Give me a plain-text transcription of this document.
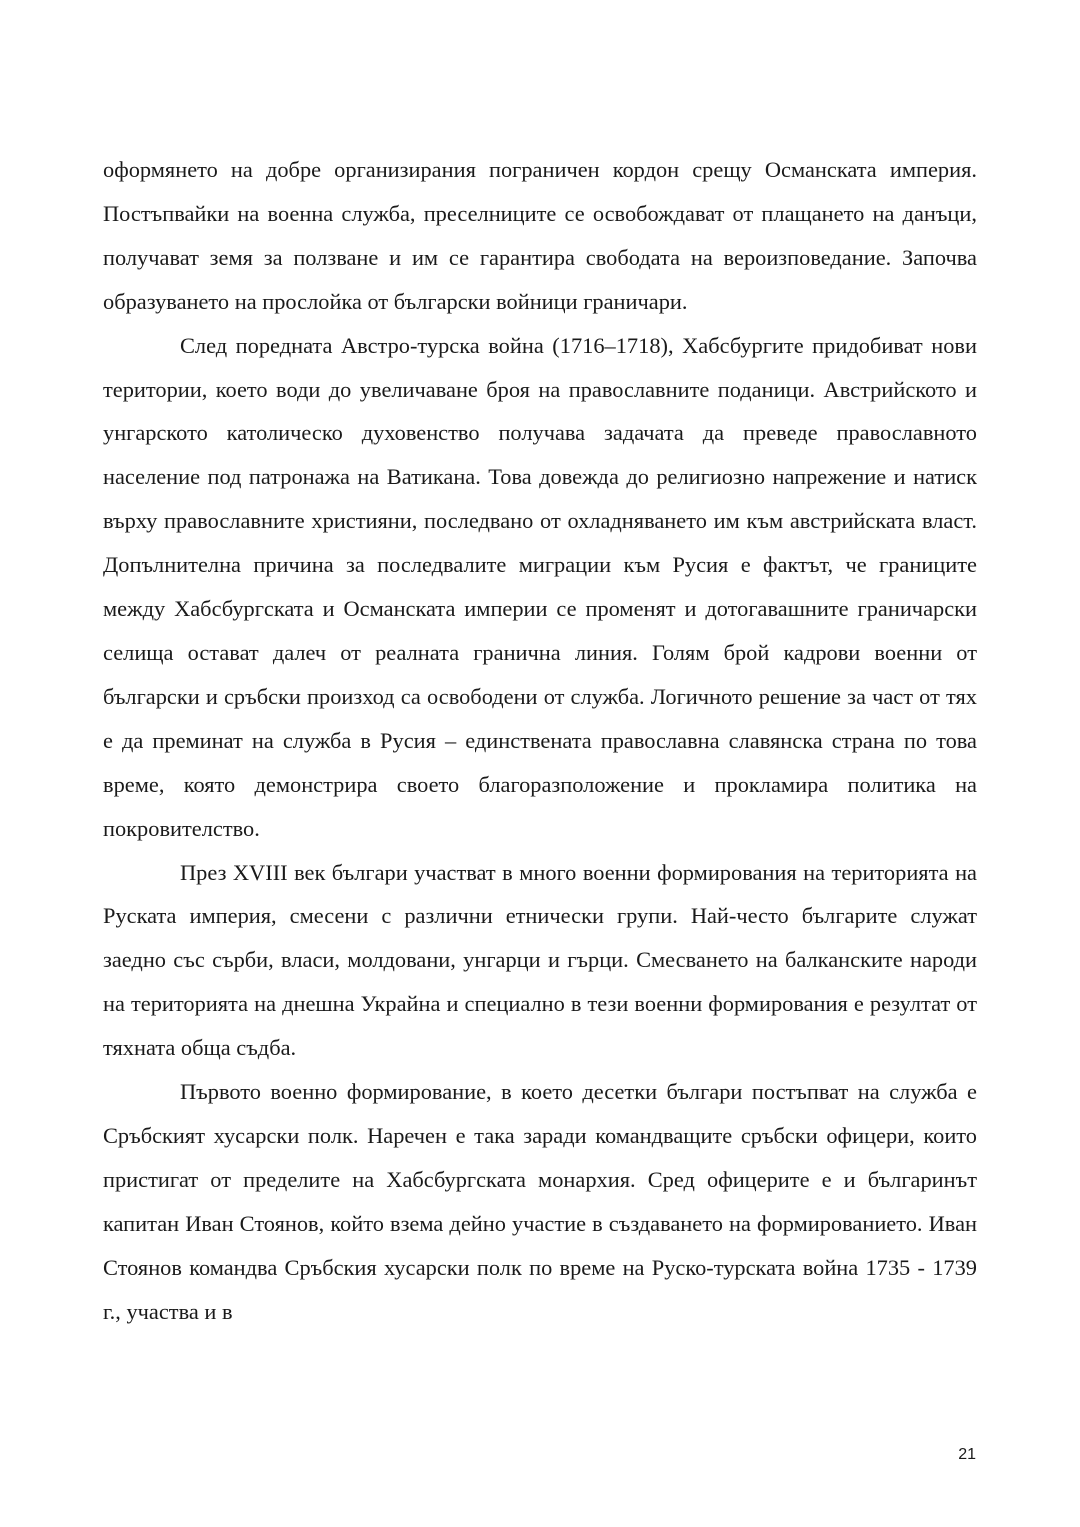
оформянето на добре организирания пограничен кордон срещу Османската империя. Постъпвайки на военна служба, преселниците се освобождават от плащането на данъци, получават земя за ползване и им се гарантира свободата на вероизповедание. Започва образуването на прослойка от български войници граничари.

След поредната Австро-турска война (1716–1718), Хабсбургите придобиват нови територии, което води до увеличаване броя на православните поданици. Австрийското и унгарското католическо духовенство получава задачата да преведе православното население под патронажа на Ватикана. Това довежда до религиозно напрежение и натиск върху православните християни, последвано от охладняването им към австрийската власт. Допълнителна причина за последвалите миграции към Русия е фактът, че границите между Хабсбургската и Османската империи се променят и дотогавашните граничарски селища остават далеч от реалната гранична линия. Голям брой кадрови военни от български и сръбски произход са освободени от служба. Логичното решение за част от тях е да преминат на служба в Русия – единствената православна славянска страна по това време, която демонстрира своето благоразположение и прокламира политика на покровителство.

През XVIII век българи участват в много военни формирования на територията на Руската империя, смесени с различни етнически групи. Най-често българите служат заедно със сърби, власи, молдовани, унгарци и гърци. Смесването на балканските народи на територията на днешна Украйна и специално в тези военни формирования е резултат от тяхната обща съдба.

Първото военно формирование, в което десетки българи постъпват на служба е Сръбският хусарски полк. Наречен е така заради командващите сръбски офицери, които пристигат от пределите на Хабсбургската монархия. Сред офицерите е и българинът капитан Иван Стоянов, който взема дейно участие в създаването на формированието. Иван Стоянов командва Сръбския хусарски полк по време на Руско-турската война 1735 - 1739 г., участва и в

21
